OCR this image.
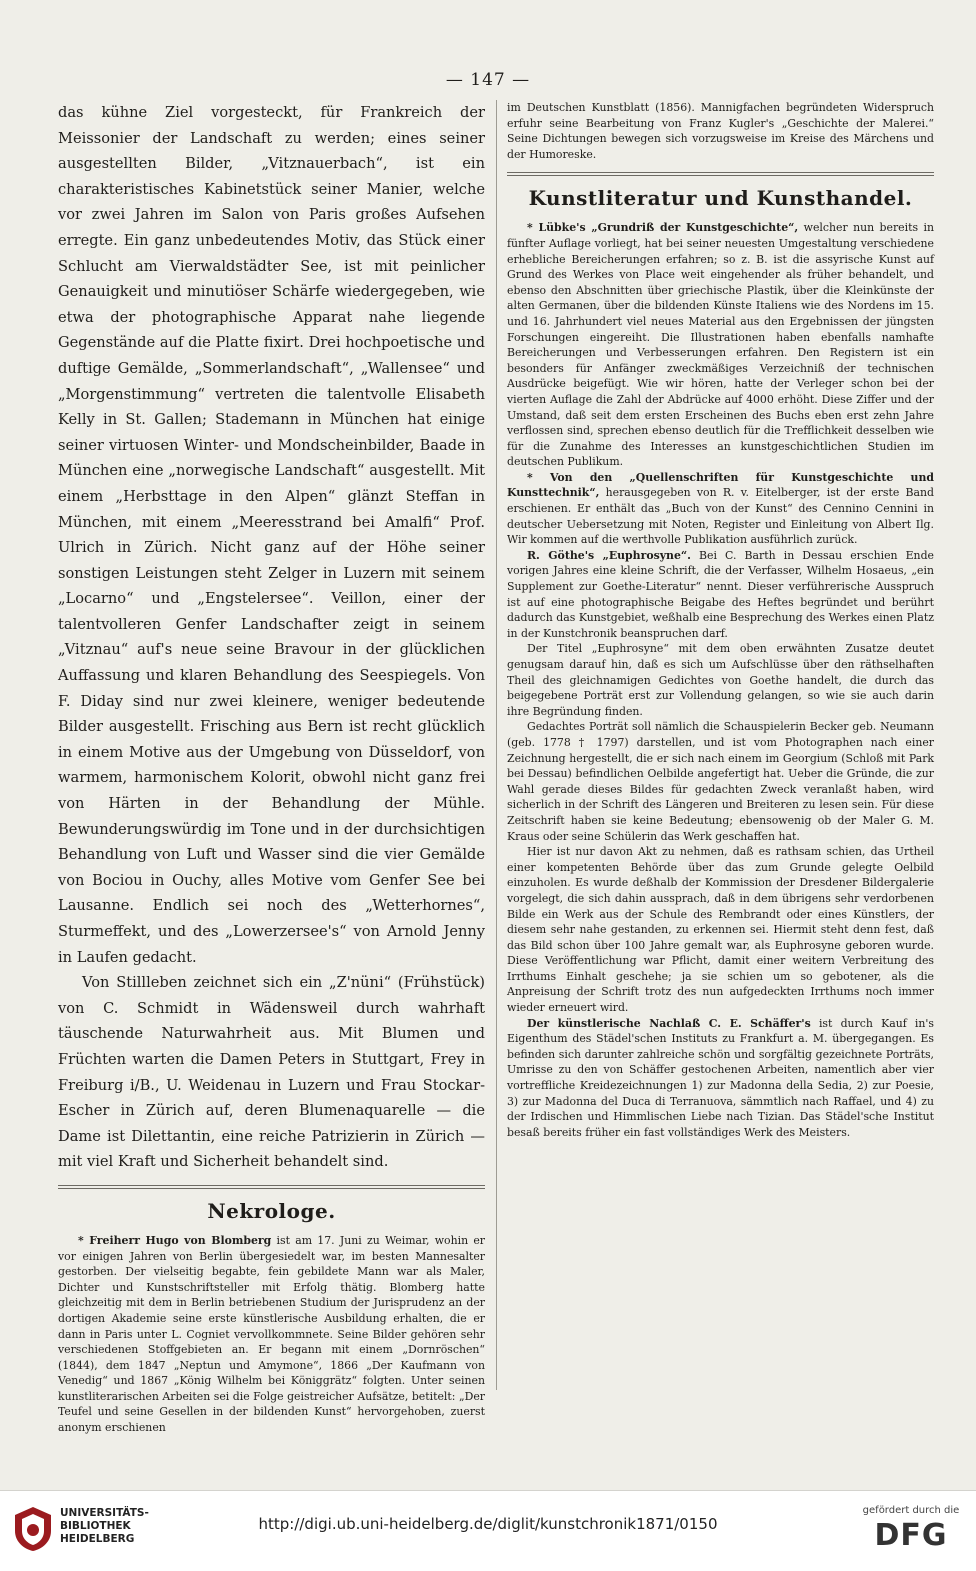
— 147 —

das kühne Ziel vorgesteckt, für Frankreich der Meissonier der Landschaft zu werden; eines seiner ausgestellten Bilder, „Vitznauerbach“, ist ein charakteristisches Kabinetstück seiner Manier, welche vor zwei Jahren im Salon von Paris großes Aufsehen erregte. Ein ganz unbedeutendes Motiv, das Stück einer Schlucht am Vierwaldstädter See, ist mit peinlicher Genauigkeit und minutiöser Schärfe wiedergegeben, wie etwa der photographische Apparat nahe liegende Gegenstände auf die Platte fixirt. Drei hochpoetische und duftige Gemälde, „Sommerlandschaft“, „Wallensee“ und „Morgenstimmung“ vertreten die talentvolle Elisabeth Kelly in St. Gallen; Stademann in München hat einige seiner virtuosen Winter- und Mondscheinbilder, Baade in München eine „norwegische Landschaft“ ausgestellt. Mit einem „Herbsttage in den Alpen“ glänzt Steffan in München, mit einem „Meeresstrand bei Amalfi“ Prof. Ulrich in Zürich. Nicht ganz auf der Höhe seiner sonstigen Leistungen steht Zelger in Luzern mit seinem „Locarno“ und „Engstelersee“. Veillon, einer der talentvolleren Genfer Landschafter zeigt in seinem „Vitznau“ auf's neue seine Bravour in der glücklichen Auffassung und klaren Behandlung des Seespiegels. Von F. Diday sind nur zwei kleinere, weniger bedeutende Bilder ausgestellt. Frisching aus Bern ist recht glücklich in einem Motive aus der Umgebung von Düsseldorf, von warmem, harmonischem Kolorit, obwohl nicht ganz frei von Härten in der Behandlung der Mühle. Bewunderungswürdig im Tone und in der durchsichtigen Behandlung von Luft und Wasser sind die vier Gemälde von Bociou in Ouchy, alles Motive vom Genfer See bei Lausanne. Endlich sei noch des „Wetterhornes“, Sturmeffekt, und des „Lowerzersee's“ von Arnold Jenny in Laufen gedacht.

Von Stillleben zeichnet sich ein „Z'nüni“ (Frühstück) von C. Schmidt in Wädensweil durch wahrhaft täuschende Naturwahrheit aus. Mit Blumen und Früchten warten die Damen Peters in Stuttgart, Frey in Freiburg i/B., U. Weidenau in Luzern und Frau Stockar-Escher in Zürich auf, deren Blumenaquarelle — die Dame ist Dilettantin, eine reiche Patrizierin in Zürich — mit viel Kraft und Sicherheit behandelt sind.

Nekrologe.

* Freiherr Hugo von Blomberg ist am 17. Juni zu Weimar, wohin er vor einigen Jahren von Berlin übergesiedelt war, im besten Mannesalter gestorben. Der vielseitig begabte, fein gebildete Mann war als Maler, Dichter und Kunstschriftsteller mit Erfolg thätig. Blomberg hatte gleichzeitig mit dem in Berlin betriebenen Studium der Jurisprudenz an der dortigen Akademie seine erste künstlerische Ausbildung erhalten, die er dann in Paris unter L. Cogniet vervollkommnete. Seine Bilder gehören sehr verschiedenen Stoffgebieten an. Er begann mit einem „Dornröschen“ (1844), dem 1847 „Neptun und Amymone“, 1866 „Der Kaufmann von Venedig“ und 1867 „König Wilhelm bei Königgrätz“ folgten. Unter seinen kunstliterarischen Arbeiten sei die Folge geistreicher Aufsätze, betitelt: „Der Teufel und seine Gesellen in der bildenden Kunst“ hervorgehoben, zuerst anonym erschienen

im Deutschen Kunstblatt (1856). Mannigfachen begründeten Widerspruch erfuhr seine Bearbeitung von Franz Kugler's „Geschichte der Malerei.“ Seine Dichtungen bewegen sich vorzugsweise im Kreise des Märchens und der Humoreske.

Kunstliteratur und Kunsthandel.

* Lübke's „Grundriß der Kunstgeschichte“, welcher nun bereits in fünfter Auflage vorliegt, hat bei seiner neuesten Umgestaltung verschiedene erhebliche Bereicherungen erfahren; so z. B. ist die assyrische Kunst auf Grund des Werkes von Place weit eingehender als früher behandelt, und ebenso den Abschnitten über griechische Plastik, über die Kleinkünste der alten Germanen, über die bildenden Künste Italiens wie des Nordens im 15. und 16. Jahrhundert viel neues Material aus den Ergebnissen der jüngsten Forschungen eingereiht. Die Illustrationen haben ebenfalls namhafte Bereicherungen und Verbesserungen erfahren. Den Registern ist ein besonders für Anfänger zweckmäßiges Verzeichniß der technischen Ausdrücke beigefügt. Wie wir hören, hatte der Verleger schon bei der vierten Auflage die Zahl der Abdrücke auf 4000 erhöht. Diese Ziffer und der Umstand, daß seit dem ersten Erscheinen des Buchs eben erst zehn Jahre verflossen sind, sprechen ebenso deutlich für die Trefflichkeit desselben wie für die Zunahme des Interesses an kunstgeschichtlichen Studien im deutschen Publikum.

* Von den „Quellenschriften für Kunstgeschichte und Kunsttechnik“, herausgegeben von R. v. Eitelberger, ist der erste Band erschienen. Er enthält das „Buch von der Kunst“ des Cennino Cennini in deutscher Uebersetzung mit Noten, Register und Einleitung von Albert Ilg. Wir kommen auf die werthvolle Publikation ausführlich zurück.

R. Göthe's „Euphrosyne“. Bei C. Barth in Dessau erschien Ende vorigen Jahres eine kleine Schrift, die der Verfasser, Wilhelm Hosaeus, „ein Supplement zur Goethe-Literatur“ nennt. Dieser verführerische Ausspruch ist auf eine photographische Beigabe des Heftes begründet und berührt dadurch das Kunstgebiet, weßhalb eine Besprechung des Werkes einen Platz in der Kunstchronik beanspruchen darf.

Der Titel „Euphrosyne“ mit dem oben erwähnten Zusatze deutet genugsam darauf hin, daß es sich um Aufschlüsse über den räthselhaften Theil des gleichnamigen Gedichtes von Goethe handelt, die durch das beigegebene Porträt erst zur Vollendung gelangen, so wie sie auch darin ihre Begründung finden.

Gedachtes Porträt soll nämlich die Schauspielerin Becker geb. Neumann (geb. 1778 † 1797) darstellen, und ist vom Photographen nach einer Zeichnung hergestellt, die er sich nach einem im Georgium (Schloß mit Park bei Dessau) befindlichen Oelbilde angefertigt hat. Ueber die Gründe, die zur Wahl gerade dieses Bildes für gedachten Zweck veranlaßt haben, wird sicherlich in der Schrift des Längeren und Breiteren zu lesen sein. Für diese Zeitschrift haben sie keine Bedeutung; ebensowenig ob der Maler G. M. Kraus oder seine Schülerin das Werk geschaffen hat.

Hier ist nur davon Akt zu nehmen, daß es rathsam schien, das Urtheil einer kompetenten Behörde über das zum Grunde gelegte Oelbild einzuholen. Es wurde deßhalb der Kommission der Dresdener Bildergalerie vorgelegt, die sich dahin aussprach, daß in dem übrigens sehr verdorbenen Bilde ein Werk aus der Schule des Rembrandt oder eines Künstlers, der diesem sehr nahe gestanden, zu erkennen sei. Hiermit steht denn fest, daß das Bild schon über 100 Jahre gemalt war, als Euphrosyne geboren wurde. Diese Veröffentlichung war Pflicht, damit einer weitern Verbreitung des Irrthums Einhalt geschehe; ja sie schien um so gebotener, als die Anpreisung der Schrift trotz des nun aufgedeckten Irrthums noch immer wieder erneuert wird.

Der künstlerische Nachlaß C. E. Schäffer's ist durch Kauf in's Eigenthum des Städel'schen Instituts zu Frankfurt a. M. übergegangen. Es befinden sich darunter zahlreiche schön und sorgfältig gezeichnete Porträts, Umrisse zu den von Schäffer gestochenen Arbeiten, namentlich aber vier vortreffliche Kreidezeichnungen 1) zur Madonna della Sedia, 2) zur Poesie, 3) zur Madonna del Duca di Terranuova, sämmtlich nach Raffael, und 4) zu der Irdischen und Himmlischen Liebe nach Tizian. Das Städel'sche Institut besaß bereits früher ein fast vollständiges Werk des Meisters.

UNIVERSITÄTS-
BIBLIOTHEK
HEIDELBERG
http://digi.ub.uni-heidelberg.de/diglit/kunstchronik1871/0150
gefördert durch die
DFG
